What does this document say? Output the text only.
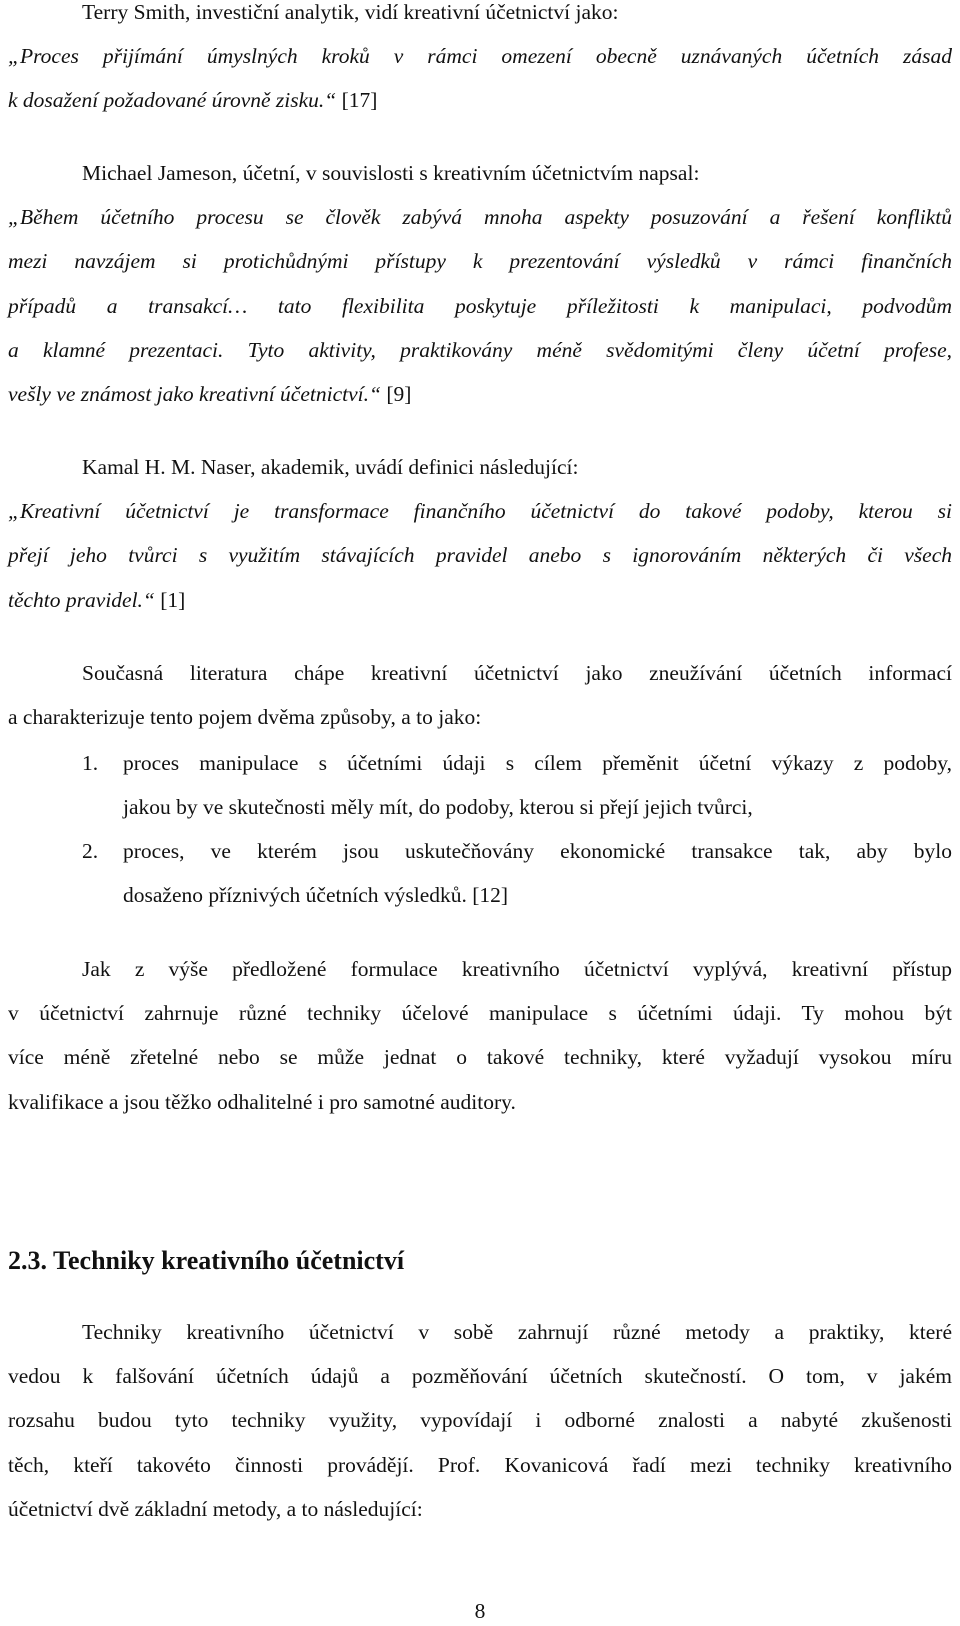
Terry Smith, investiční analytik, vidí kreativní účetnictví jako:
„Proces přijímání úmyslných kroků v rámci omezení obecně uznávaných účetních zásad
k dosažení požadované úrovně zisku.“ [17]
Michael Jameson, účetní, v souvislosti s kreativním účetnictvím napsal:
„Během účetního procesu se člověk zabývá mnoha aspekty posuzování a řešení konfliktů
mezi navzájem si protichůdnými přístupy k prezentování výsledků v rámci finančních
případů a transakcí… tato flexibilita poskytuje příležitosti k manipulaci, podvodům
a klamné prezentaci. Tyto aktivity, praktikovány méně svědomitými členy účetní profese,
vešly ve známost jako kreativní účetnictví.“ [9]
Kamal H. M. Naser, akademik, uvádí definici následující:
„Kreativní účetnictví je transformace finančního účetnictví do takové podoby, kterou si
přejí jeho tvůrci s využitím stávajících pravidel anebo s ignorováním některých či všech
těchto pravidel.“ [1]
Současná literatura chápe kreativní účetnictví jako zneužívání účetních informací
a charakterizuje tento pojem dvěma způsoby, a to jako:
1.	proces manipulace s účetními údaji s cílem přeměnit účetní výkazy z podoby,
jakou by ve skutečnosti měly mít, do podoby, kterou si přejí jejich tvůrci,
2.	proces, ve kterém jsou uskutečňovány ekonomické transakce tak, aby bylo
dosaženo příznivých účetních výsledků. [12]
Jak z výše předložené formulace kreativního účetnictví vyplývá, kreativní přístup
v účetnictví zahrnuje různé techniky účelové manipulace s účetními údaji. Ty mohou být
více méně zřetelné nebo se může jednat o takové techniky, které vyžadují vysokou míru
kvalifikace a jsou těžko odhalitelné i pro samotné auditory.
2.3. Techniky kreativního účetnictví
Techniky kreativního účetnictví v sobě zahrnují různé metody a praktiky, které
vedou k falšování účetních údajů a pozměňování účetních skutečností. O tom, v jakém
rozsahu budou tyto techniky využity, vypovídají i odborné znalosti a nabyté zkušenosti
těch, kteří takovéto činnosti provádějí. Prof. Kovanicová řadí mezi techniky kreativního
účetnictví dvě základní metody, a to následující:
8
